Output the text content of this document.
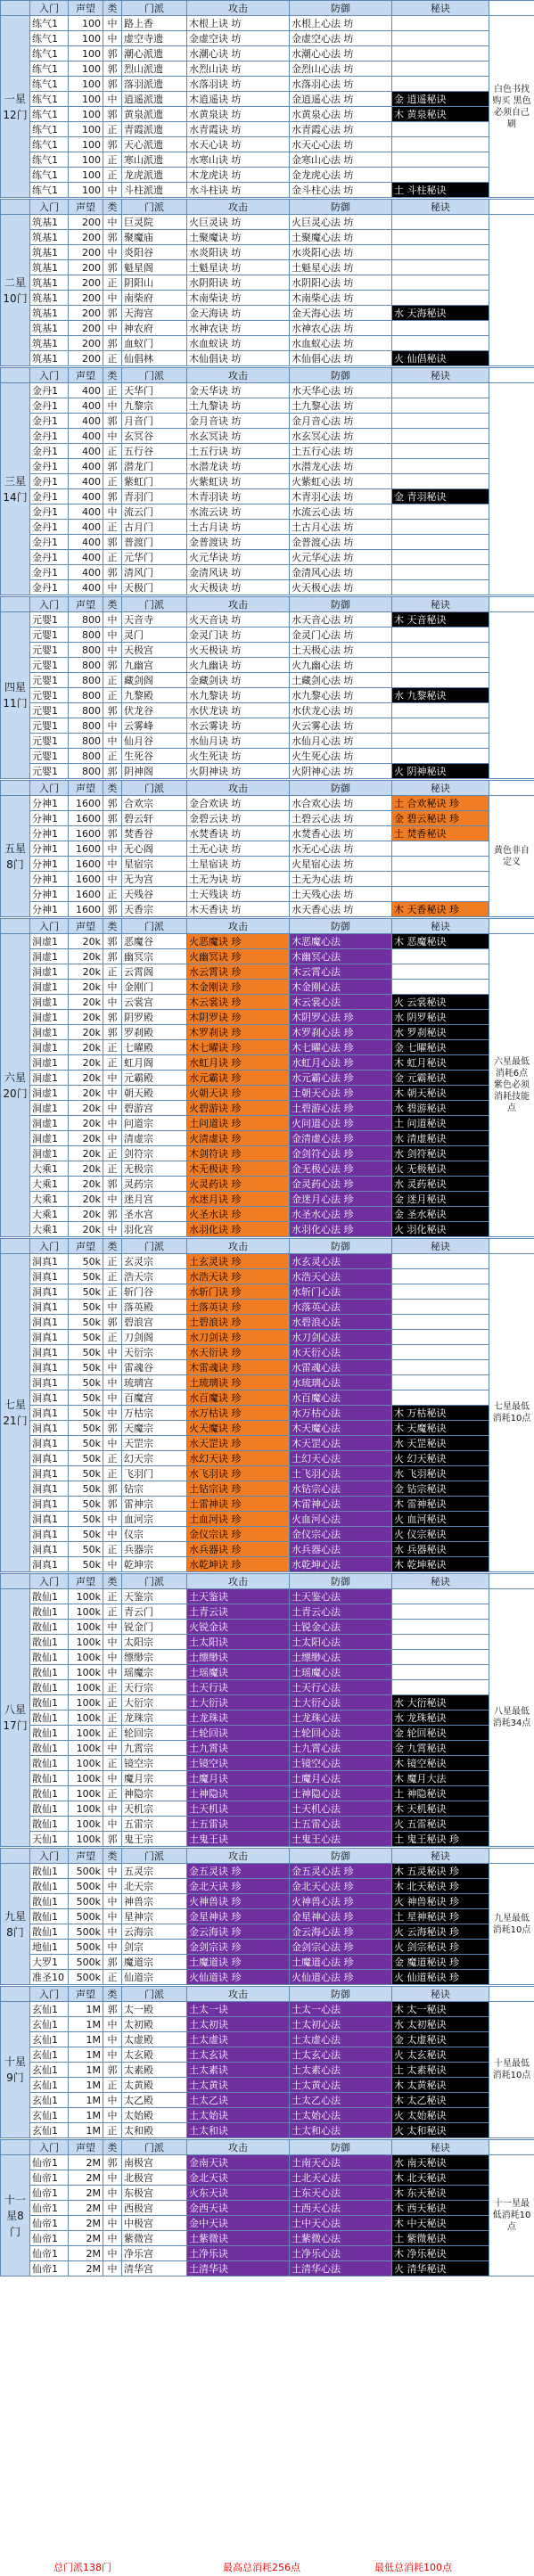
	入门	声望	类	门派	攻击	防御	秘诀	
一星12门	练气1	100	中	路上香	木根上诀 坊	水根上心法 坊		白色书找购买 黑色必须自己刷
	练气1	100	中	虚空寺遗	金虚空诀 坊	金虚空心法 坊		
	练气1	100	郭	潮心派遗	水潮心诀 坊	水潮心心法 坊		
	练气1	100	郭	烈山派遗	水烈山诀 坊	金烈山心法 坊		
	练气1	100	郭	落羽派遗	水落羽诀 坊	水落羽心法 坊		
	练气1	100	中	逍遥派遗	木逍遥诀 坊	金逍遥心法 坊	金 逍遥秘诀	
	练气1	100	郭	黄泉派遗	水黄泉诀 坊	水黄泉心法 坊	木 黄泉秘诀	
	练气1	100	正	青霞派遗	水青霞诀 坊	水青霞心法 坊		
	练气1	100	郭	天心派遗	水天心诀 坊	水天心心法 坊		
	练气1	100	正	寒山派遗	水寒山诀 坊	金寒山心法 坊		
	练气1	100	正	龙虎派遗	木龙虎诀 坊	金龙虎心法 坊		
	练气1	100	中	斗柱派遗	水斗柱诀 坊	金斗柱心法 坊	土 斗柱秘诀	
	入门	声望	类	门派	攻击	防御	秘诀	
二星10门	筑基1	200	中	巨灵院	火巨灵诀 坊	火巨灵心法 坊		
	筑基1	200	郭	聚魔庙	土聚魔诀 坊	土聚魔心法 坊		
	筑基1	200	中	炎阳谷	水炎阳诀 坊	水炎阳心法 坊		
	筑基1	200	郭	魁星阁	土魁星诀 坊	土魁星心法 坊		
	筑基1	200	正	阴阳山	水阴阳诀 坊	水阴阳心法 坊		
	筑基1	200	中	南柴府	木南柴诀 坊	木南柴心法 坊		
	筑基1	200	郭	天海宫	金天海诀 坊	金天海心法 坊	水 天海秘诀	
	筑基1	200	中	神农府	水神农诀 坊	水神农心法 坊		
	筑基1	200	郭	血蚁门	水血蚁诀 坊	水血蚁心法 坊		
	筑基1	200	正	仙倡林	木仙倡诀 坊	木仙倡心法 坊	火 仙倡秘诀	
	入门	声望	类	门派	攻击	防御	秘诀	
三星14门	金丹1	400	正	天华门	金天华诀 坊	水天华心法 坊		
	金丹1	400	中	九黎宗	土九黎诀 坊	土九黎心法 坊		
	金丹1	400	郭	月音门	金月音诀 坊	金月音心法 坊		
	金丹1	400	中	玄冥谷	水玄冥诀 坊	水玄冥心法 坊		
	金丹1	400	正	五行谷	土五行诀 坊	土五行心法 坊		
	金丹1	400	郭	潜龙门	水潜龙诀 坊	水潜龙心法 坊		
	金丹1	400	正	紫虹门	火紫虹诀 坊	火紫虹心法 坊		
	金丹1	400	郭	青羽门	木青羽诀 坊	木青羽心法 坊	金 青羽秘诀	
	金丹1	400	中	流云门	水流云诀 坊	水流云心法 坊		
	金丹1	400	正	古月门	土古月诀 坊	土古月心法 坊		
	金丹1	400	郭	普渡门	金普渡诀 坊	金普渡心法 坊		
	金丹1	400	正	元华门	火元华诀 坊	火元华心法 坊		
	金丹1	400	郭	清风门	金清风诀 坊	金清风心法 坊		
	金丹1	400	中	天极门	火天极诀 坊	火天极心法 坊		
	入门	声望	类	门派	攻击	防御	秘诀	
四星11门	元婴1	800	中	天音寺	火天音诀 坊	水天音心法 坊	木 天音秘诀	
	元婴1	800	中	灵门	金灵门诀 坊	金灵门心法 坊		
	元婴1	800	中	天极宫	火天极诀 坊	土天极心法 坊		
	元婴1	800	郭	九幽宫	火九幽诀 坊	火九幽心法 坊		
	元婴1	800	正	藏剑阁	金藏剑诀 坊	土藏剑心法 坊		
	元婴1	800	正	九黎殿	水九黎诀 坊	水九黎心法 坊	水 九黎秘诀	
	元婴1	800	郭	伏龙谷	水伏龙诀 坊	水伏龙心法 坊		
	元婴1	800	中	云雾峰	水云雾诀 坊	火云雾心法 坊		
	元婴1	800	中	仙月谷	水仙月诀 坊	水仙月心法 坊		
	元婴1	800	正	生死谷	火生死诀 坊	火生死心法 坊		
	元婴1	800	郭	阴神阁	火阴神诀 坊	火阴神心法 坊	火 阴神秘诀	
	入门	声望	类	门派	攻击	防御	秘诀	
五星8门	分神1	1600	郭	合欢宗	金合欢诀 坊	水合欢心法 坊	土 合欢秘诀 珍	黄色非自定义
	分神1	1600	郭	碧云轩	金碧云诀 坊	土碧云心法 坊	金 碧云秘诀 珍	
	分神1	1600	郭	焚香谷	水焚香诀 坊	水焚香心法 坊	土 焚香秘诀	
	分神1	1600	中	无心阁	土无心诀 坊	水无心心法 坊		
	分神1	1600	中	星宿宗	土星宿诀 坊	火星宿心法 坊		
	分神1	1600	中	无为宫	土无为诀 坊	土无为心法 坊		
	分神1	1600	正	天残谷	土天残诀 坊	土天残心法 坊		
	分神1	1600	郭	天香宗	木天香诀 坊	水天香心法 坊	木 天香秘诀 珍	
	入门	声望	类	门派	攻击	防御	秘诀	
六星20门	洞虚1	20k	郭	恶魔谷	火恶魔诀 珍	木恶魔心法	木 恶魔秘诀	六星最低消耗6点 紫色必须消耗技能点
	洞虚1	20k	郭	幽冥宗	火幽冥诀 珍	木幽冥心法		
	洞虚1	20k	正	云霄阁	水云霄诀 珍	木云霄心法		
	洞虚1	20k	中	金刚门	木金刚诀 珍	木金刚心法		
	洞虚1	20k	中	云裳宫	木云裳诀 珍	木云裳心法	火 云裳秘诀	
	洞虚1	20k	郭	阴罗殿	木阴罗诀 珍	木阴罗心法 珍	水 阴罗秘诀	
	洞虚1	20k	郭	罗刹殿	木罗刹诀 珍	木罗刹心法 珍	水 罗刹秘诀	
	洞虚1	20k	正	七曜殿	木七曜诀 珍	木七曜心法 珍	金 七曜秘诀	
	洞虚1	20k	正	虹月阁	水虹月诀 珍	水虹月心法 珍	木 虹月秘诀	
	洞虚1	20k	中	元霸殿	水元霸诀 珍	水元霸心法 珍	金 元霸秘诀	
	洞虚1	20k	中	朝天殿	火朝天诀 珍	土朝天心法 珍	木 朝天秘诀	
	洞虚1	20k	中	碧游宫	火碧游诀 珍	土碧游心法 珍	水 碧游秘诀	
	洞虚1	20k	中	问道宗	土问道诀 珍	火问道心法 珍	土 问道秘诀	
	洞虚1	20k	中	清虚宗	火清虚诀 珍	金清虚心法 珍	水 清虚秘诀	
	洞虚1	20k	正	剑符宗	木剑符诀 珍	金剑符心法 珍	水 剑符秘诀	
	大乘1	20k	正	无极宗	木无极诀 珍	金无极心法 珍	火 无极秘诀	
	大乘1	20k	郭	灵药宗	火灵药诀 珍	金灵药心法 珍	水 灵药秘诀	
	大乘1	20k	中	迷月宫	水迷月诀 珍	金迷月心法 珍	金 迷月秘诀	
	大乘1	20k	郭	圣水宫	火圣水诀 珍	水圣水心法 珍	金 圣水秘诀	
	大乘1	20k	中	羽化宫	水羽化诀 珍	水羽化心法 珍	火 羽化秘诀	
	入门	声望	类	门派	攻击	防御	秘诀	
七星21门	洞真1	50k	正	玄灵宗	土玄灵诀 珍	水玄灵心法		七星最低消耗10点
	洞真1	50k	正	浩天宗	水浩天诀 珍	水浩天心法		
	洞真1	50k	正	斩门谷	水斩门诀 珍	水斩门心法		
	洞真1	50k	中	落英殿	土落英诀 珍	水落英心法		
	洞真1	50k	郭	碧浪宫	土碧浪诀 珍	水碧浪心法		
	洞真1	50k	正	刀剑阁	水刀剑诀 珍	水刀剑心法		
	洞真1	50k	中	天衍宗	水天衍诀 珍	水天衍心法		
	洞真1	50k	中	雷魂谷	木雷魂诀 珍	水雷魂心法		
	洞真1	50k	中	琉璃宫	土琉璃诀 珍	水琉璃心法		
	洞真1	50k	中	百魔宫	水百魔诀 珍	水百魔心法		
	洞真1	50k	中	万枯宗	水万枯诀 珍	水万枯心法	木 万枯秘诀	
	洞真1	50k	郭	天魔宗	火天魔诀 珍	木天魔心法	木 天魔秘诀	
	洞真1	50k	中	天罡宗	水天罡诀 珍	木天罡心法	水 天罡秘诀	
	洞真1	50k	正	幻天宗	水幻天诀 珍	土幻天心法	火 幻天秘诀	
	洞真1	50k	正	飞羽门	水飞羽诀 珍	土飞羽心法	水 飞羽秘诀	
	洞真1	50k	郭	钻宗	土钻宗诀 珍	水钻宗心法	金 钻宗秘诀	
	洞真1	50k	郭	雷神宗	土雷神诀 珍	木雷神心法	木 雷神秘诀	
	洞真1	50k	中	血河宗	土血河诀 珍	火血河心法	火 血河秘诀	
	洞真1	50k	中	仪宗	金仪宗诀 珍	金仪宗心法	火 仪宗秘诀	
	洞真1	50k	正	兵器宗	水兵器诀 珍	水兵器心法	水 兵器秘诀	
	洞真1	50k	中	乾坤宗	水乾坤诀 珍	水乾坤心法	木 乾坤秘诀	
	入门	声望	类	门派	攻击	防御	秘诀	
八星17门	散仙1	100k	正	天鉴宗	土天鉴诀	土天鉴心法		八星最低消耗34点
	散仙1	100k	正	青云门	土青云诀	土青云心法		
	散仙1	100k	中	锐金门	火锐金诀	土锐金心法		
	散仙1	100k	中	太阳宗	土太阳诀	土太阳心法		
	散仙1	100k	中	缥缈宗	土缥缈诀	土缥缈心法		
	散仙1	100k	中	瑶魔宗	土瑶魔诀	土瑶魔心法		
	散仙1	100k	正	天行宗	土天行诀	土天行心法		
	散仙1	100k	正	大衍宗	土大衍诀	土大衍心法	水 大衍秘诀	
	散仙1	100k	正	龙珠宗	土龙珠诀	土龙珠心法	水 龙珠秘诀	
	散仙1	100k	正	轮回宗	土轮回诀	土轮回心法	金 轮回秘诀	
	散仙1	100k	中	九霄宗	土九霄诀	土九霄心法	金 九霄秘诀	
	散仙1	100k	正	镜空宗	土镜空诀	土镜空心法	木 镜空秘诀	
	散仙1	100k	中	魔月宗	土魔月诀	土魔月心法	木 魔月大法	
	散仙1	100k	正	神隐宗	土神隐诀	土神隐心法	土 神隐秘诀	
	散仙1	100k	中	天机宗	土天机诀	土天机心法	木 天机秘诀	
	散仙1	100k	中	五雷宗	土五雷诀	土五雷心法	火 五雷秘诀	
	天仙1	100k	郭	鬼王宗	土鬼王诀	土鬼王心法	土 鬼王秘诀 珍	
	入门	声望	类	门派	攻击	防御	秘诀	
九星8门	散仙1	500k	中	五灵宗	金五灵诀 珍	金五灵心法 珍	木 五灵秘诀 珍	九星最低消耗10点
	散仙1	500k	中	北天宗	金北天诀 珍	金北天心法 珍	木 北天秘诀 珍	
	散仙1	500k	中	神兽宗	火神兽诀 珍	火神兽心法 珍	火 神兽秘诀 珍	
	散仙1	500k	中	星神宗	金星神诀 珍	金星神心法 珍	土 星神秘诀 珍	
	散仙1	500k	中	云海宗	金云海诀 珍	金云海心法 珍	火 云海秘诀 珍	
	地仙1	500k	中	剑宗	金剑宗诀 珍	金剑宗心法 珍	火 剑宗秘诀 珍	
	大罗1	500k	郭	魔道宗	土魔道诀 珍	土魔道心法 珍	金 魔道秘诀 珍	
	准圣10	500k	正	仙道宗	火仙道诀 珍	火仙道心法 珍	火 仙道秘诀 珍	
	入门	声望	类	门派	攻击	防御	秘诀	
十星9门	玄仙1	1M	郭	太一殿	土太一诀	土太一心法	木 太一秘诀	十星最低消耗10点
	玄仙1	1M	中	太初殿	土太初诀	土太初心法	水 太初秘诀	
	玄仙1	1M	中	太虚殿	土太虚诀	土太虚心法	金 太虚秘诀	
	玄仙1	1M	中	太玄殿	土太玄诀	土太玄心法	火 太玄秘诀	
	玄仙1	1M	郭	太素殿	土太素诀	土太素心法	土 太素秘诀	
	玄仙1	1M	正	太黄殿	土太黄诀	土太黄心法	木 太黄秘诀	
	玄仙1	1M	中	太乙殿	土太乙诀	土太乙心法	木 太乙秘诀	
	玄仙1	1M	中	太始殿	土太始诀	土太始心法	火 太始秘诀	
	玄仙1	1M	正	太和殿	土太和诀	土太和心法	火 太和秘诀	
	入门	声望	类	门派	攻击	防御	秘诀	
十一星8门	仙帝1	2M	郭	南极宫	金南天诀	土南天心法	水 南天秘诀	十一星最低消耗10点
	仙帝1	2M	中	北极宫	金北天诀	土北天心法	木 北天秘诀	
	仙帝1	2M	中	东极宫	火东天诀	土东天心法	木 东天秘诀	
	仙帝1	2M	中	西极宫	金西天诀	土西天心法	木 西天秘诀	
	仙帝1	2M	中	中极宫	金中天诀	土中天心法	木 中天秘诀	
	仙帝1	2M	中	紫微宫	土紫微诀	土紫微心法	土 紫微秘诀	
	仙帝1	2M	中	净乐宫	土净乐诀	土净乐心法	木 净乐秘诀	
	仙帝1	2M	中	清华宫	土清华诀	土清华心法	火 清华秘诀	
总门派138门	最高总消耗256点	最低总消耗100点
